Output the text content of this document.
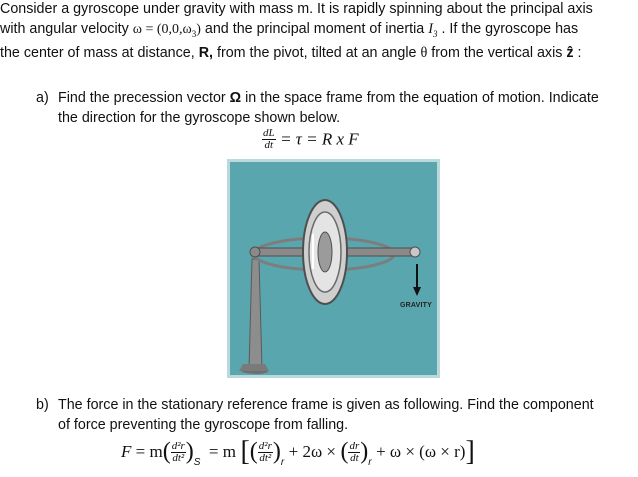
Consider a gyroscope under gravity with mass m. It is rapidly spinning about the principal axis

with angular velocity $\omega = (0,0,\omega_3)$ and the principal moment of inertia $I_3$ . If the gyroscope has

the center of mass at distance, R, from the pivot, tilted at an angle θ from the vertical axis ẑ :

a) Find the precession vector Ω in the space frame from the equation of motion. Indicate

the direction for the gyroscope shown below.

$\frac{dL}{dt} = \tau = R$ x F
GRAVITY
b) The force in the stationary reference frame is given as following. Find the component

of force preventing the gyroscope from falling.

$F = m( \frac{\text{d²r}}{\text{dt²}} )_S = m$ [( $\frac{\text{d²r}}{\text{dt²}} )_r + 2\omega$ × ( $\frac{dr}{dt} )_r + \omega \times (\omega \times r)$]
